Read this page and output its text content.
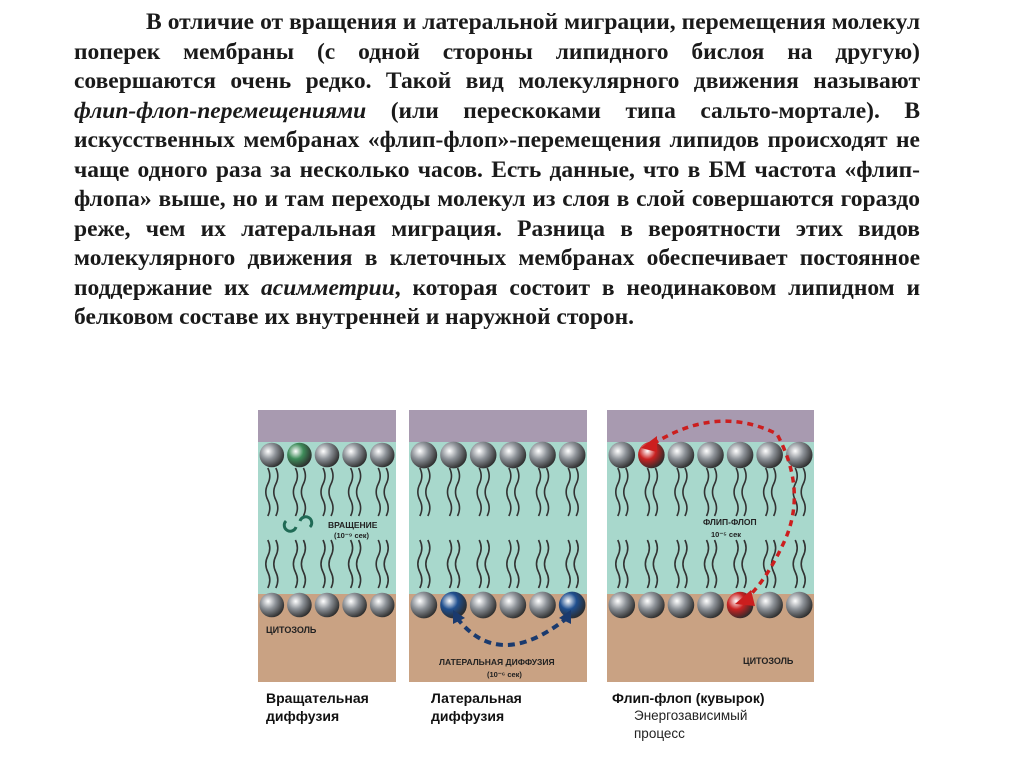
В отличие от вращения и латеральной миграции, перемещения молекул поперек мембраны (с одной стороны липидного бислоя на другую) совершаются очень редко. Такой вид молекулярного движения называют флип-флоп-перемещениями (или перескоками типа сальто-мортале). В искусственных мембранах «флип-флоп»-перемещения липидов происходят не чаще одного раза за несколько часов. Есть данные, что в БМ частота «флип-флопа» выше, но и там переходы молекул из слоя в слой совершаются гораздо реже, чем их латеральная миграция. Разница в вероятности этих видов молекулярного движения в клеточных мембранах обеспечивает постоянное поддержание их асимметрии, которая состоит в неодинаковом липидном и белковом составе их внутренней и наружной сторон.

ВРАЩЕНИЕ
(10⁻⁹ сек)
ЦИТОЗОЛЬ
ЛАТЕРАЛЬНАЯ ДИФФУЗИЯ
(10⁻⁶ сек)
ФЛИП-ФЛОП
10⁻⁵ сек
ЦИТОЗОЛЬ
Вращательная
диффузия
Латеральная
диффузия
Флип-флоп (кувырок)
Энергозависимый
процесс
